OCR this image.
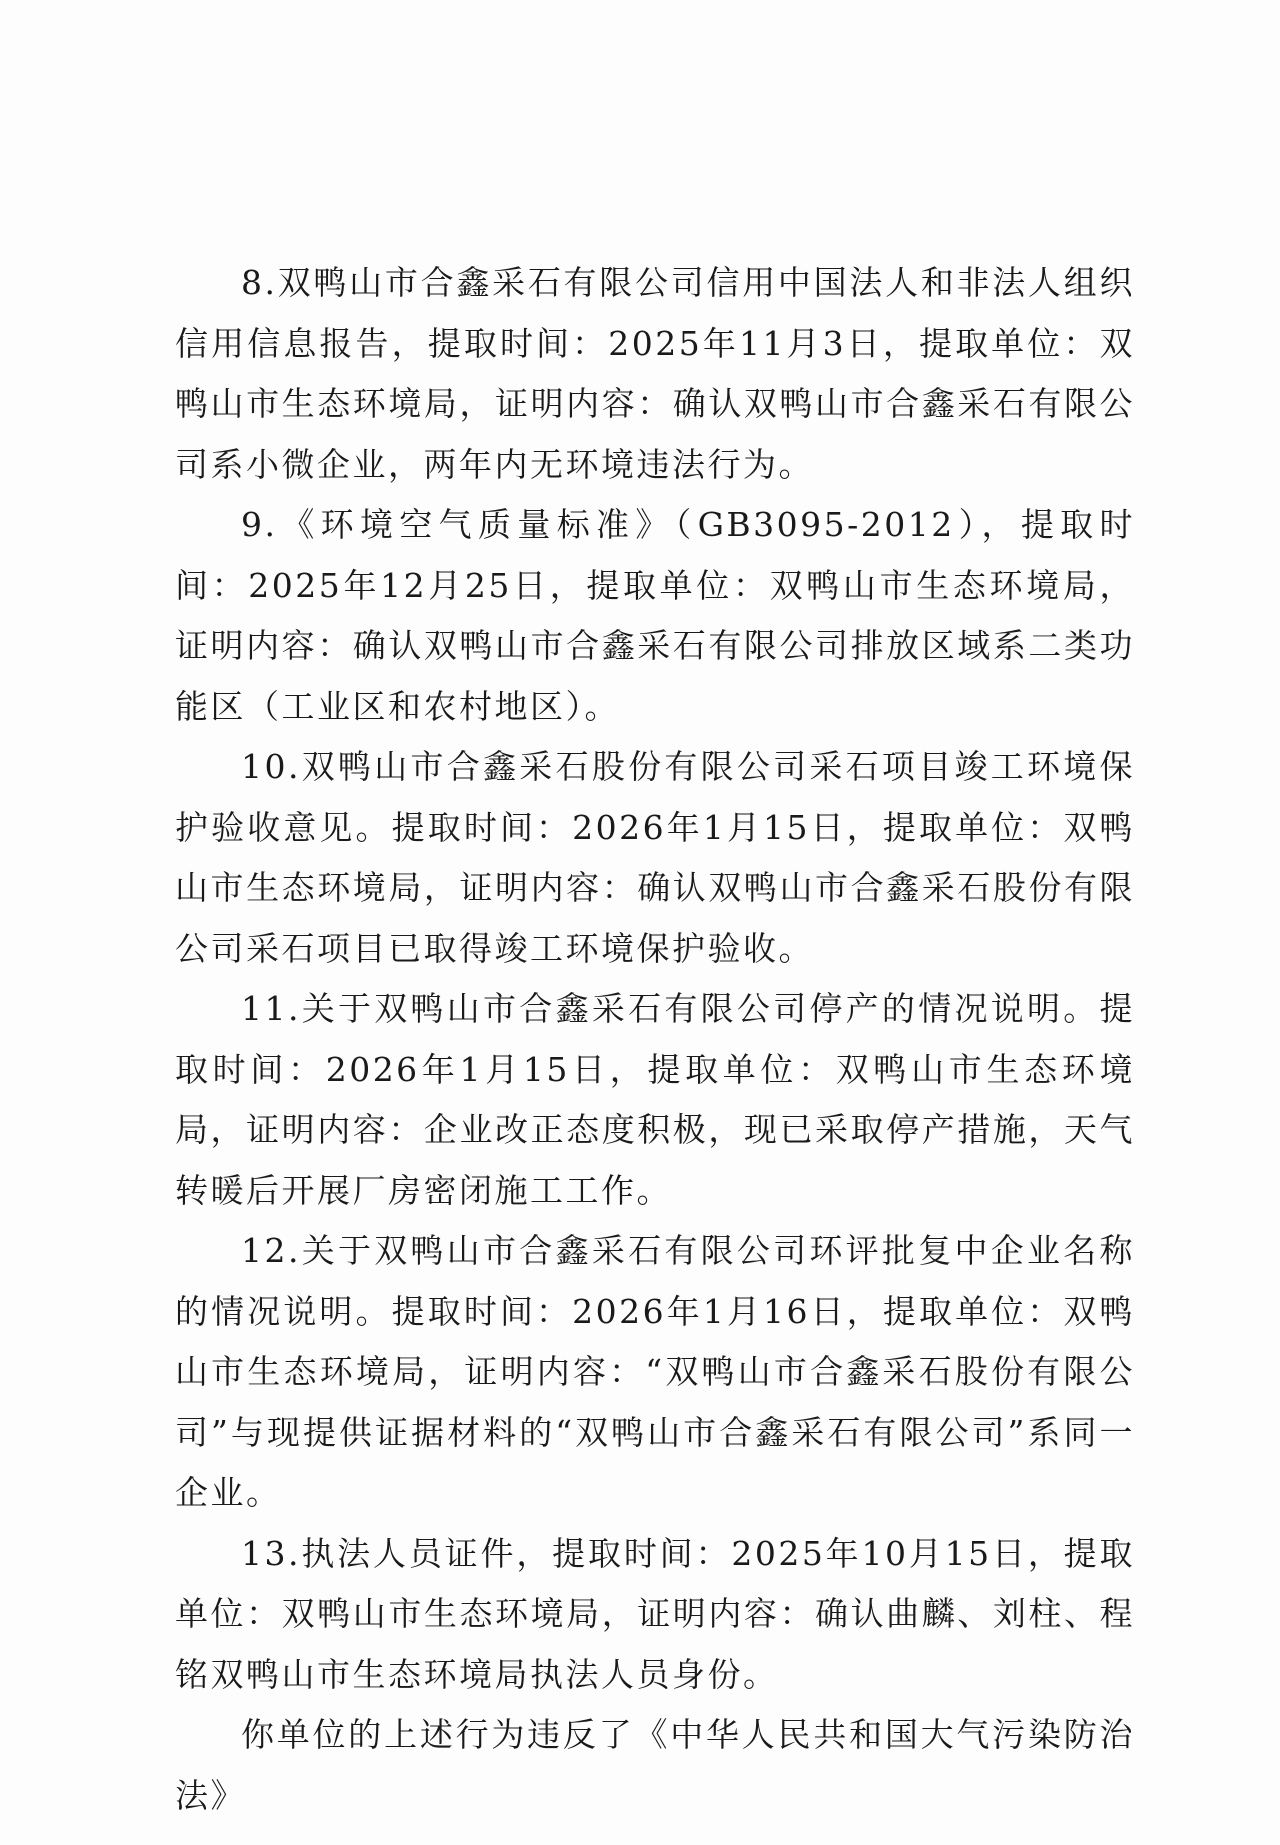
8.双鸭山市合鑫采石有限公司信用中国法人和非法人组织信用信息报告，提取时间：2025年11月3日，提取单位：双鸭山市生态环境局，证明内容：确认双鸭山市合鑫采石有限公司系小微企业，两年内无环境违法行为。

9.《环境空气质量标准》（GB3095-2012），提取时间：2025年12月25日，提取单位：双鸭山市生态环境局，证明内容：确认双鸭山市合鑫采石有限公司排放区域系二类功能区（工业区和农村地区）。

10.双鸭山市合鑫采石股份有限公司采石项目竣工环境保护验收意见。提取时间：2026年1月15日，提取单位：双鸭山市生态环境局，证明内容：确认双鸭山市合鑫采石股份有限公司采石项目已取得竣工环境保护验收。

11.关于双鸭山市合鑫采石有限公司停产的情况说明。提取时间：2026年1月15日，提取单位：双鸭山市生态环境局，证明内容：企业改正态度积极，现已采取停产措施，天气转暖后开展厂房密闭施工工作。

12.关于双鸭山市合鑫采石有限公司环评批复中企业名称的情况说明。提取时间：2026年1月16日，提取单位：双鸭山市生态环境局，证明内容：“双鸭山市合鑫采石股份有限公司”与现提供证据材料的“双鸭山市合鑫采石有限公司”系同一企业。

13.执法人员证件，提取时间：2025年10月15日，提取单位：双鸭山市生态环境局，证明内容：确认曲麟、刘柱、程铭双鸭山市生态环境局执法人员身份。

你单位的上述行为违反了《中华人民共和国大气污染防治法》
